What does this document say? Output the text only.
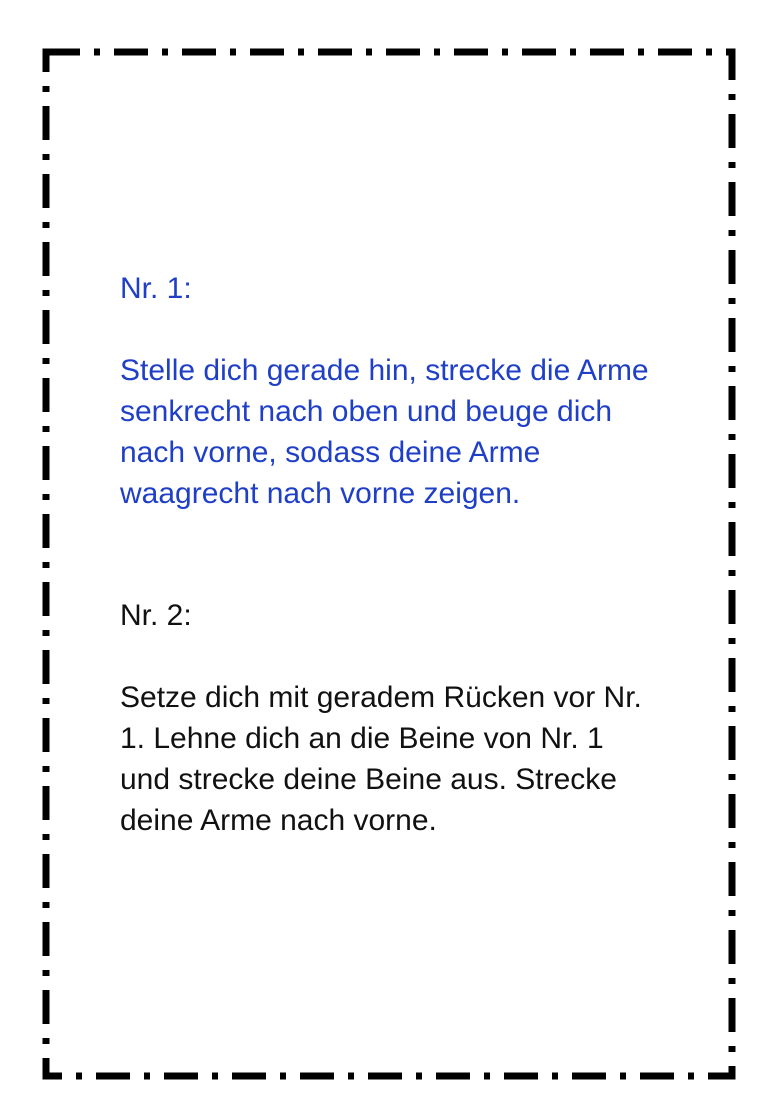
Nr. 1:

Stelle dich gerade hin, strecke die Arme
senkrecht nach oben und beuge dich
nach vorne, sodass deine Arme
waagrecht nach vorne zeigen.

Nr. 2:

Setze dich mit geradem Rücken vor Nr.
1. Lehne dich an die Beine von Nr. 1
und strecke deine Beine aus. Strecke
deine Arme nach vorne.
